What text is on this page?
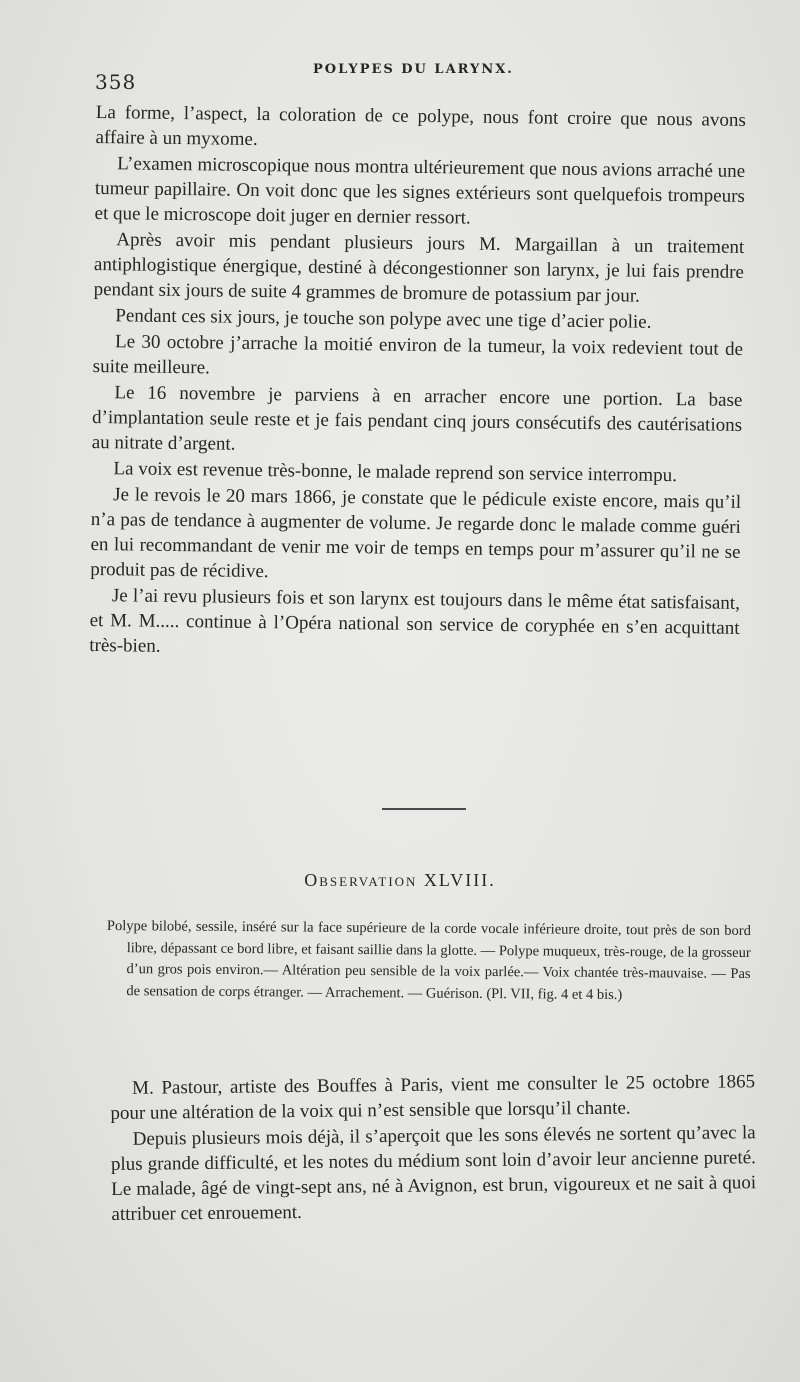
358
POLYPES DU LARYNX.

La forme, l’aspect, la coloration de ce polype, nous font croire que nous avons affaire à un myxome.

L’examen microscopique nous montra ultérieurement que nous avions arraché une tumeur papillaire. On voit donc que les signes extérieurs sont quelquefois trompeurs et que le microscope doit juger en dernier ressort.

Après avoir mis pendant plusieurs jours M. Margaillan à un traitement antiphlogistique énergique, destiné à décongestionner son larynx, je lui fais prendre pendant six jours de suite 4 grammes de bromure de potassium par jour.

Pendant ces six jours, je touche son polype avec une tige d’acier polie.

Le 30 octobre j’arrache la moitié environ de la tumeur, la voix redevient tout de suite meilleure.

Le 16 novembre je parviens à en arracher encore une portion. La base d’implantation seule reste et je fais pendant cinq jours consécutifs des cautérisations au nitrate d’argent.

La voix est revenue très-bonne, le malade reprend son service interrompu.

Je le revois le 20 mars 1866, je constate que le pédicule existe encore, mais qu’il n’a pas de tendance à augmenter de volume. Je regarde donc le malade comme guéri en lui recommandant de venir me voir de temps en temps pour m’assurer qu’il ne se produit pas de récidive.

Je l’ai revu plusieurs fois et son larynx est toujours dans le même état satisfaisant, et M. M..... continue à l’Opéra national son service de coryphée en s’en acquittant très-bien.

Observation XLVIII.

Polype bilobé, sessile, inséré sur la face supérieure de la corde vocale inférieure droite, tout près de son bord libre, dépassant ce bord libre, et faisant saillie dans la glotte. — Polype muqueux, très-rouge, de la grosseur d’un gros pois environ.— Altération peu sensible de la voix parlée.— Voix chantée très-mauvaise. — Pas de sensation de corps étranger. — Arrachement. — Guérison. (Pl. VII, fig. 4 et 4 bis.)

M. Pastour, artiste des Bouffes à Paris, vient me consulter le 25 octobre 1865 pour une altération de la voix qui n’est sensible que lorsqu’il chante.

Depuis plusieurs mois déjà, il s’aperçoit que les sons élevés ne sortent qu’avec la plus grande difficulté, et les notes du médium sont loin d’avoir leur ancienne pureté. Le malade, âgé de vingt-sept ans, né à Avignon, est brun, vigoureux et ne sait à quoi attribuer cet enrouement.
